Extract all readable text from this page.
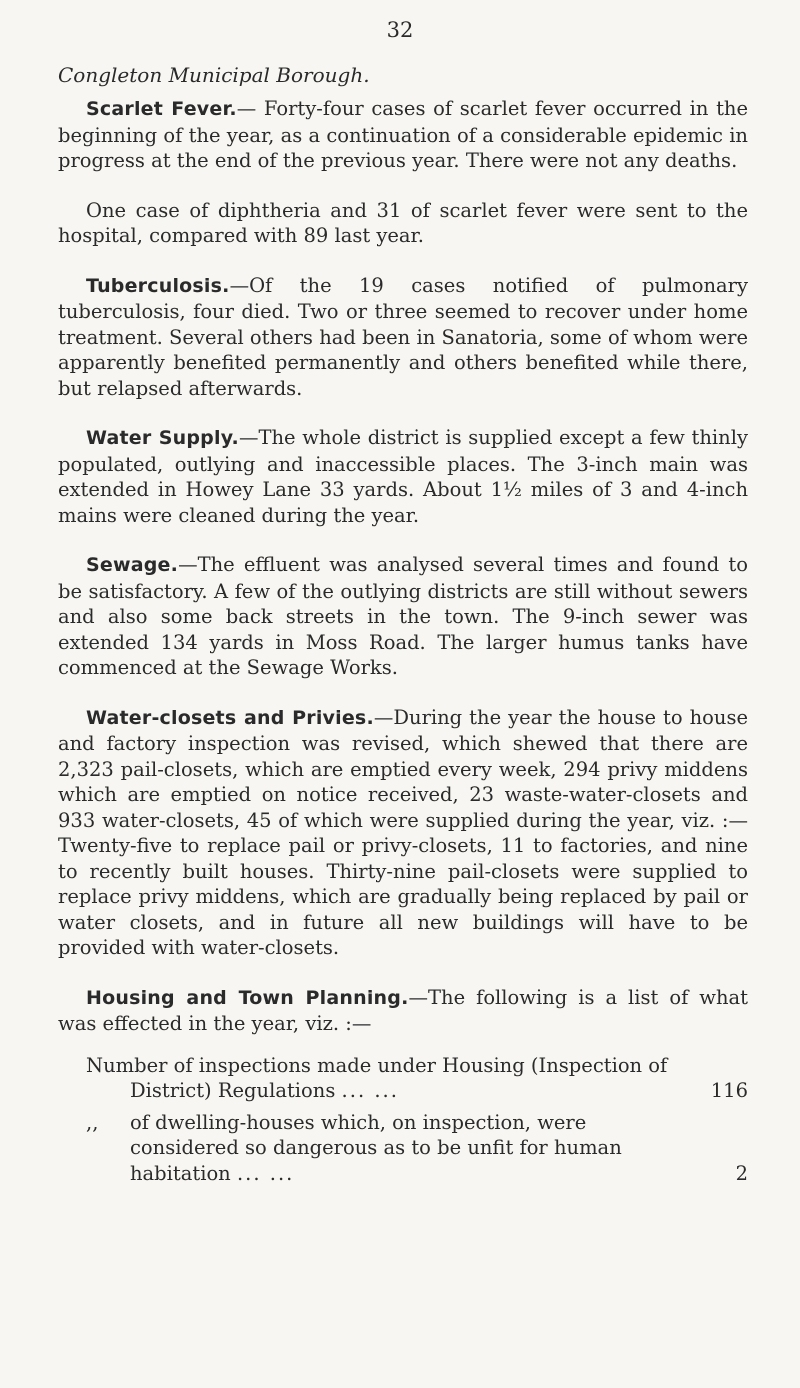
32
Congleton Municipal Borough.

Scarlet Fever.— Forty-four cases of scarlet fever occurred in the beginning of the year, as a continuation of a considerable epidemic in progress at the end of the previous year. There were not any deaths.

One case of diphtheria and 31 of scarlet fever were sent to the hospital, compared with 89 last year.

Tuberculosis.—Of the 19 cases notified of pulmonary tuberculosis, four died. Two or three seemed to recover under home treatment. Several others had been in Sanatoria, some of whom were apparently benefited permanently and others benefited while there, but relapsed afterwards.

Water Supply.—The whole district is supplied except a few thinly populated, outlying and inaccessible places. The 3-inch main was extended in Howey Lane 33 yards. About 1½ miles of 3 and 4-inch mains were cleaned during the year.

Sewage.—The effluent was analysed several times and found to be satisfactory. A few of the outlying districts are still without sewers and also some back streets in the town. The 9-inch sewer was extended 134 yards in Moss Road. The larger humus tanks have commenced at the Sewage Works.

Water-closets and Privies.—During the year the house to house and factory inspection was revised, which shewed that there are 2,323 pail-closets, which are emptied every week, 294 privy middens which are emptied on notice received, 23 waste-water-closets and 933 water-closets, 45 of which were supplied during the year, viz. :—Twenty-five to replace pail or privy-closets, 11 to factories, and nine to recently built houses. Thirty-nine pail-closets were supplied to replace privy middens, which are gradually being replaced by pail or water closets, and in future all new buildings will have to be provided with water-closets.

Housing and Town Planning.—The following is a list of what was effected in the year, viz. :—

Number of inspections made under Housing (Inspection of District) Regulations ... ...	116
,,	of dwelling-houses which, on inspection, were considered so dangerous as to be unfit for human habitation ... ...	2
